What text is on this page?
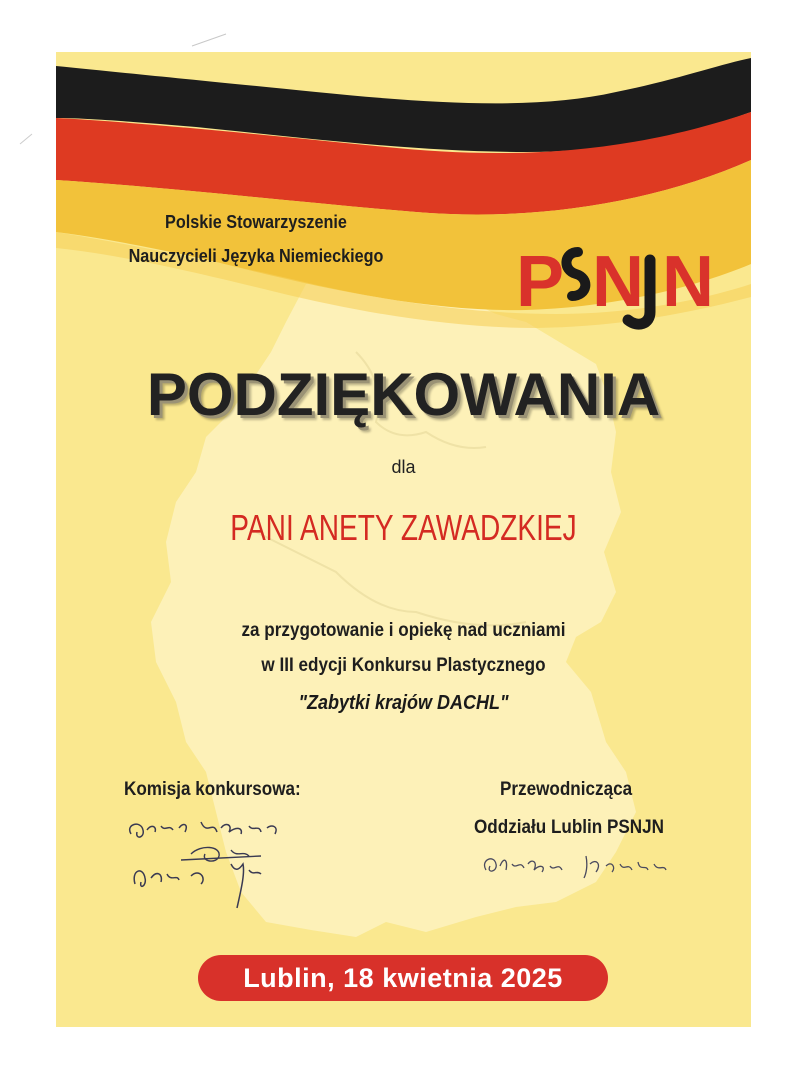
Polskie Stowarzyszenie
Nauczycieli Języka Niemieckiego	P N N
PODZIĘKOWANIA
dla
PANI ANETY ZAWADZKIEJ
za przygotowanie i opiekę nad uczniami
w III edycji Konkursu Plastycznego
"Zabytki krajów DACHL"
Komisja konkursowa:	Przewodnicząca
Oddziału Lublin PSNJN
Lublin, 18 kwietnia 2025
